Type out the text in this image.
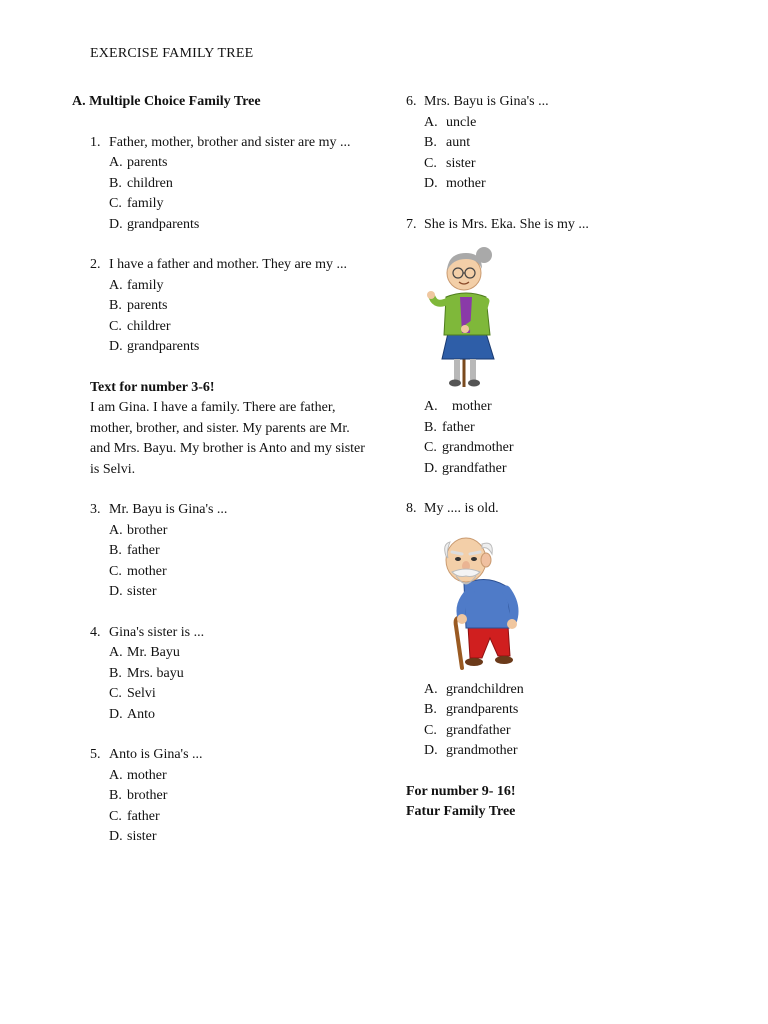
EXERCISE FAMILY TREE
A. Multiple Choice Family Tree
1. Father, mother, brother and sister are my ...
A. parents
B. children
C. family
D. grandparents
2. I have a father and mother. They are my ...
A. family
B. parents
C. childrer
D. grandparents
Text for number 3-6!
I am Gina. I have a family. There are father, mother, brother, and sister. My parents are Mr. and Mrs. Bayu. My brother is Anto and my sister is Selvi.
3. Mr. Bayu is Gina's ...
A. brother
B. father
C. mother
D. sister
4. Gina's sister is ...
A. Mr. Bayu
B. Mrs. bayu
C. Selvi
D. Anto
5. Anto is Gina's ...
A. mother
B. brother
C. father
D. sister
6. Mrs. Bayu is Gina's ...
A. uncle
B. aunt
C. sister
D. mother
7. She is Mrs. Eka. She is my ...
A. mother
B. father
C. grandmother
D. grandfather
8. My .... is old.
A. grandchildren
B. grandparents
C. grandfather
D. grandmother
For number 9- 16!
Fatur Family Tree
